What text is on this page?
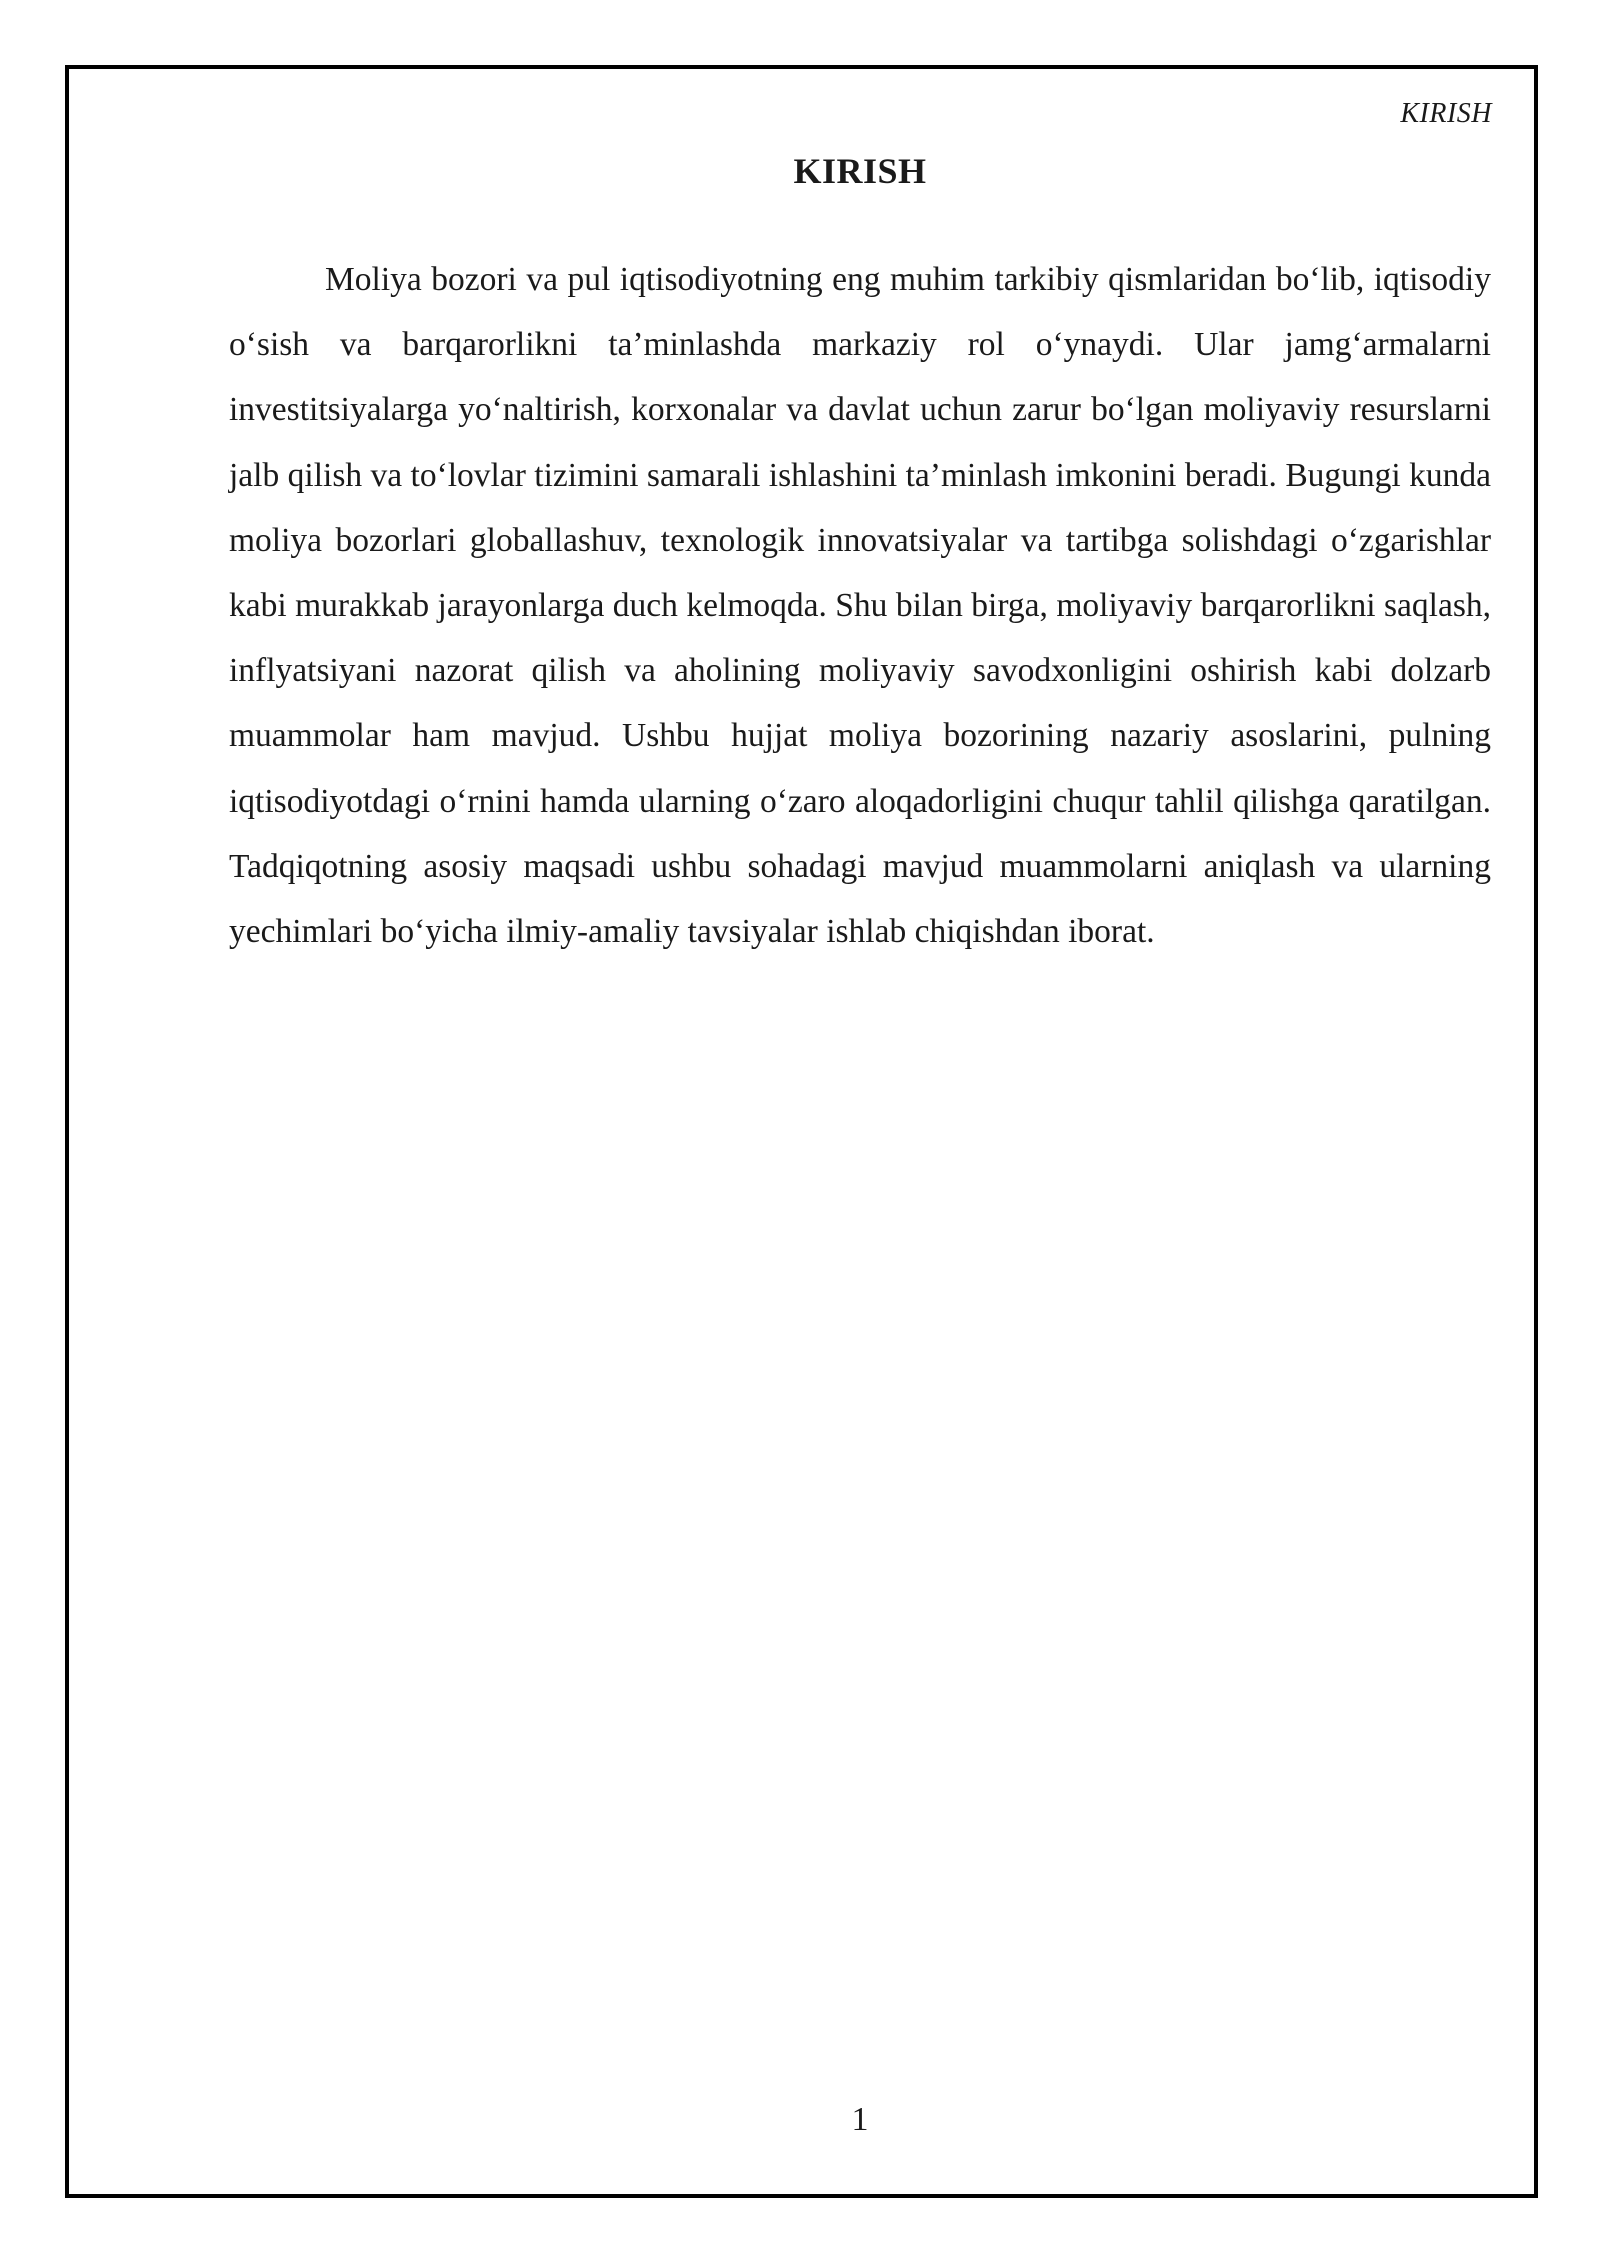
KIRISH
KIRISH

Moliya bozori va pul iqtisodiyotning eng muhim tarkibiy qismlaridan bo‘lib, iqtisodiy o‘sish va barqarorlikni ta’minlashda markaziy rol o‘ynaydi. Ular jamg‘armalarni investitsiyalarga yo‘naltirish, korxonalar va davlat uchun zarur bo‘lgan moliyaviy resurslarni jalb qilish va to‘lovlar tizimini samarali ishlashini ta’minlash imkonini beradi. Bugungi kunda moliya bozorlari globallashuv, texnologik innovatsiyalar va tartibga solishdagi o‘zgarishlar kabi murakkab jarayonlarga duch kelmoqda. Shu bilan birga, moliyaviy barqarorlikni saqlash, inflyatsiyani nazorat qilish va aholining moliyaviy savodxonligini oshirish kabi dolzarb muammolar ham mavjud. Ushbu hujjat moliya bozorining nazariy asoslarini, pulning iqtisodiyotdagi o‘rnini hamda ularning o‘zaro aloqadorligini chuqur tahlil qilishga qaratilgan. Tadqiqotning asosiy maqsadi ushbu sohadagi mavjud muammolarni aniqlash va ularning yechimlari bo‘yicha ilmiy-amaliy tavsiyalar ishlab chiqishdan iborat.

1
